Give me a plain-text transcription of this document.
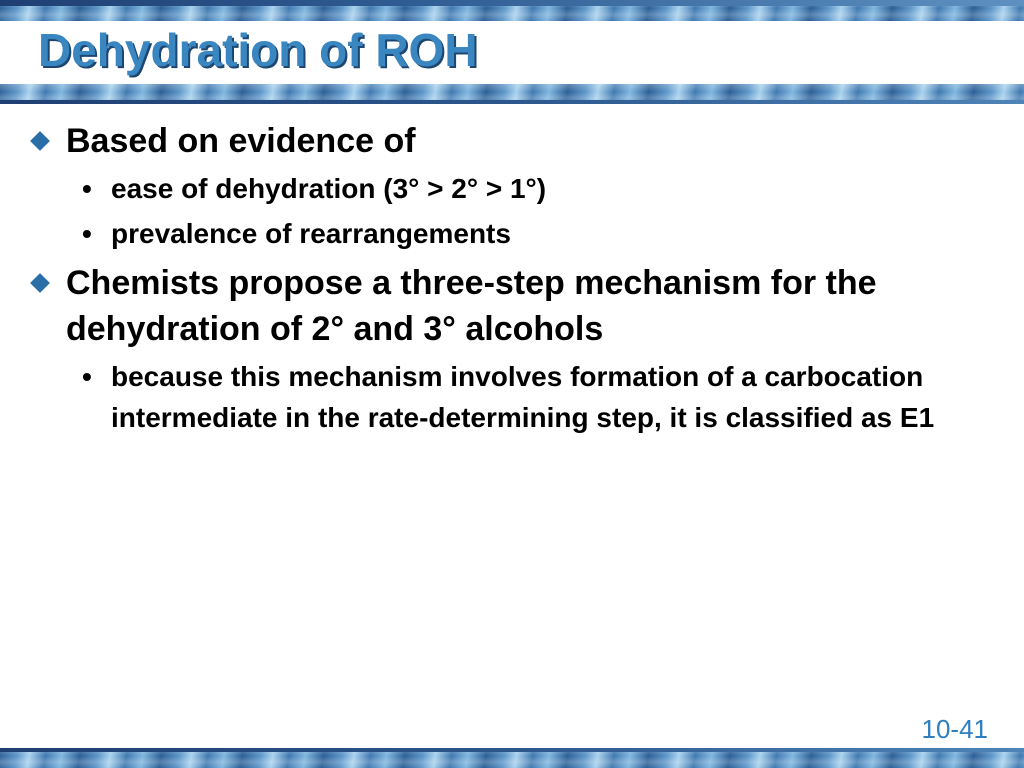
Dehydration of ROH
Based on evidence of
• ease of dehydration (3° > 2° > 1°)
• prevalence of rearrangements
Chemists propose a three-step mechanism for the dehydration of 2° and 3° alcohols
• because this mechanism involves formation of a carbocation intermediate in the rate-determining step, it is classified as E1
10-41
